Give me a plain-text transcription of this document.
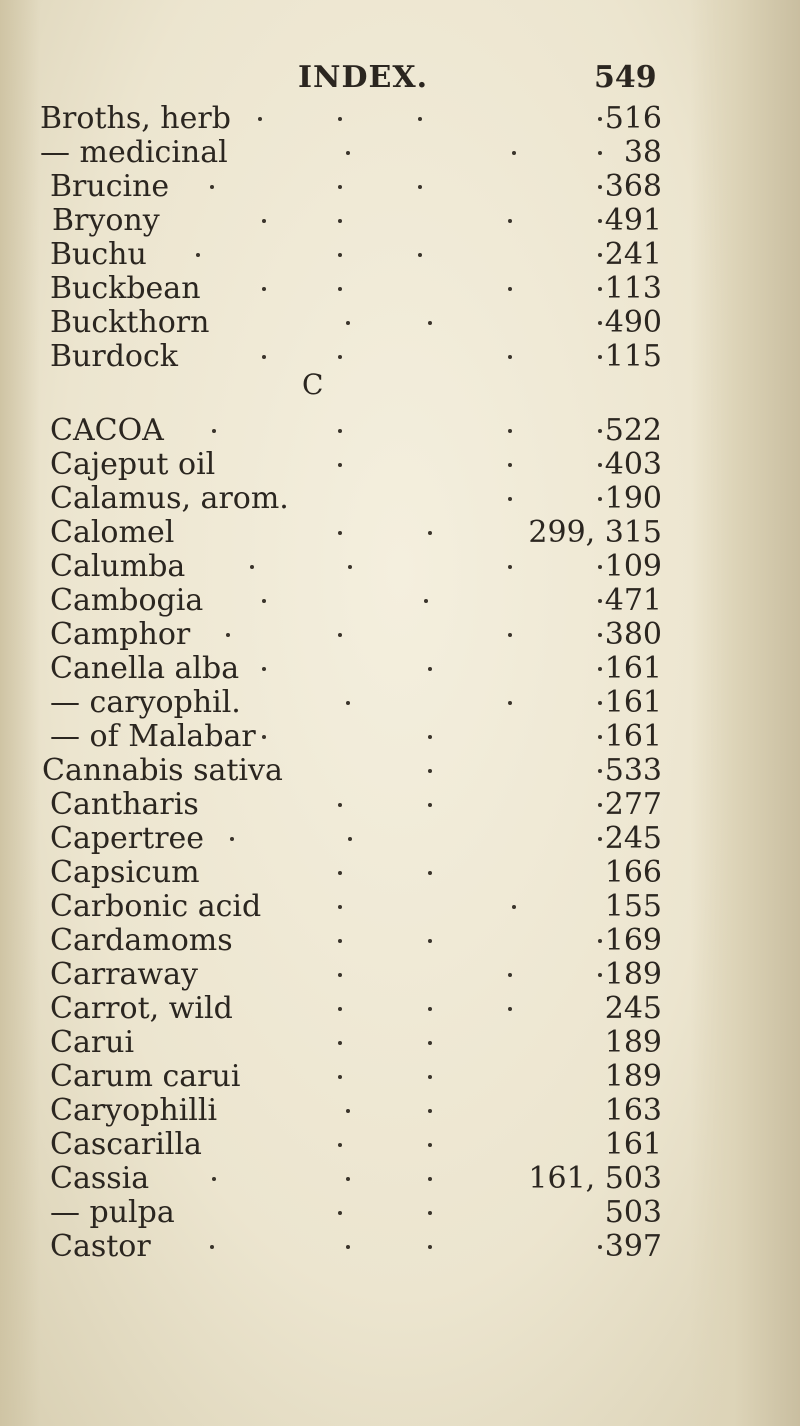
INDEX.	549
Broths, herb	516
— medicinal	38
Brucine	368
Bryony	491
Buchu	241
Buckbean	113
Buckthorn	490
Burdock	115
C
CACOA	522
Cajeput oil	403
Calamus, arom.	190
Calomel	299, 315
Calumba	109
Cambogia	471
Camphor	380
Canella alba	161
— caryophil.	161
— of Malabar	161
Cannabis sativa	533
Cantharis	277
Capertree	245
Capsicum	166
Carbonic acid	155
Cardamoms	169
Carraway	189
Carrot, wild	245
Carui	189
Carum carui	189
Caryophilli	163
Cascarilla	161
Cassia	161, 503
— pulpa	503
Castor	397
